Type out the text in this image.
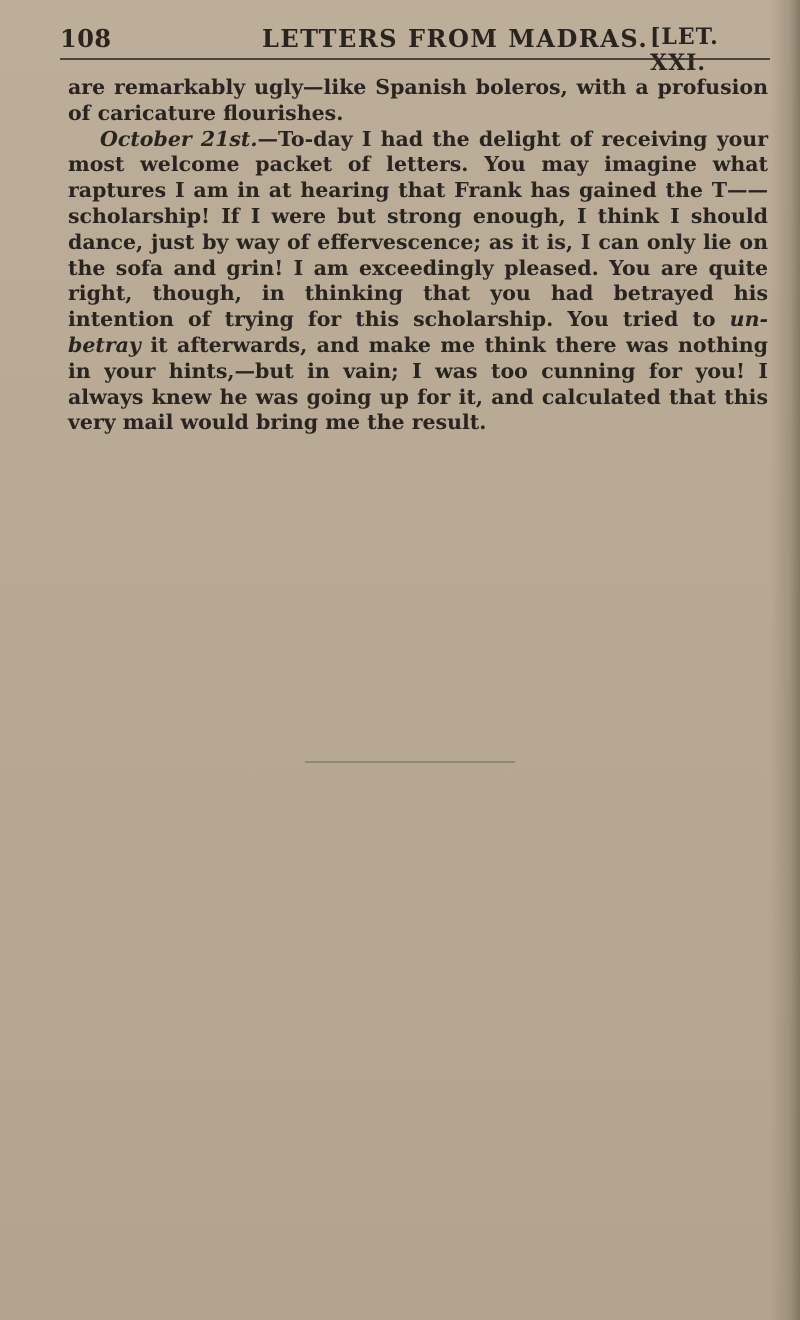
108	LETTERS FROM MADRAS. [LET. XXI.

are remarkably ugly—like Spanish boleros, with a profusion of caricature flourishes.

October 21st.—To-day I had the delight of receiving your most welcome packet of letters. You may imagine what raptures I am in at hearing that Frank has gained the T—— scholarship! If I were but strong enough, I think I should dance, just by way of effervescence; as it is, I can only lie on the sofa and grin! I am exceedingly pleased. You are quite right, though, in thinking that you had betrayed his intention of trying for this scholarship. You tried to un-betray it afterwards, and make me think there was nothing in your hints,—but in vain; I was too cunning for you! I always knew he was going up for it, and calculated that this very mail would bring me the result.
